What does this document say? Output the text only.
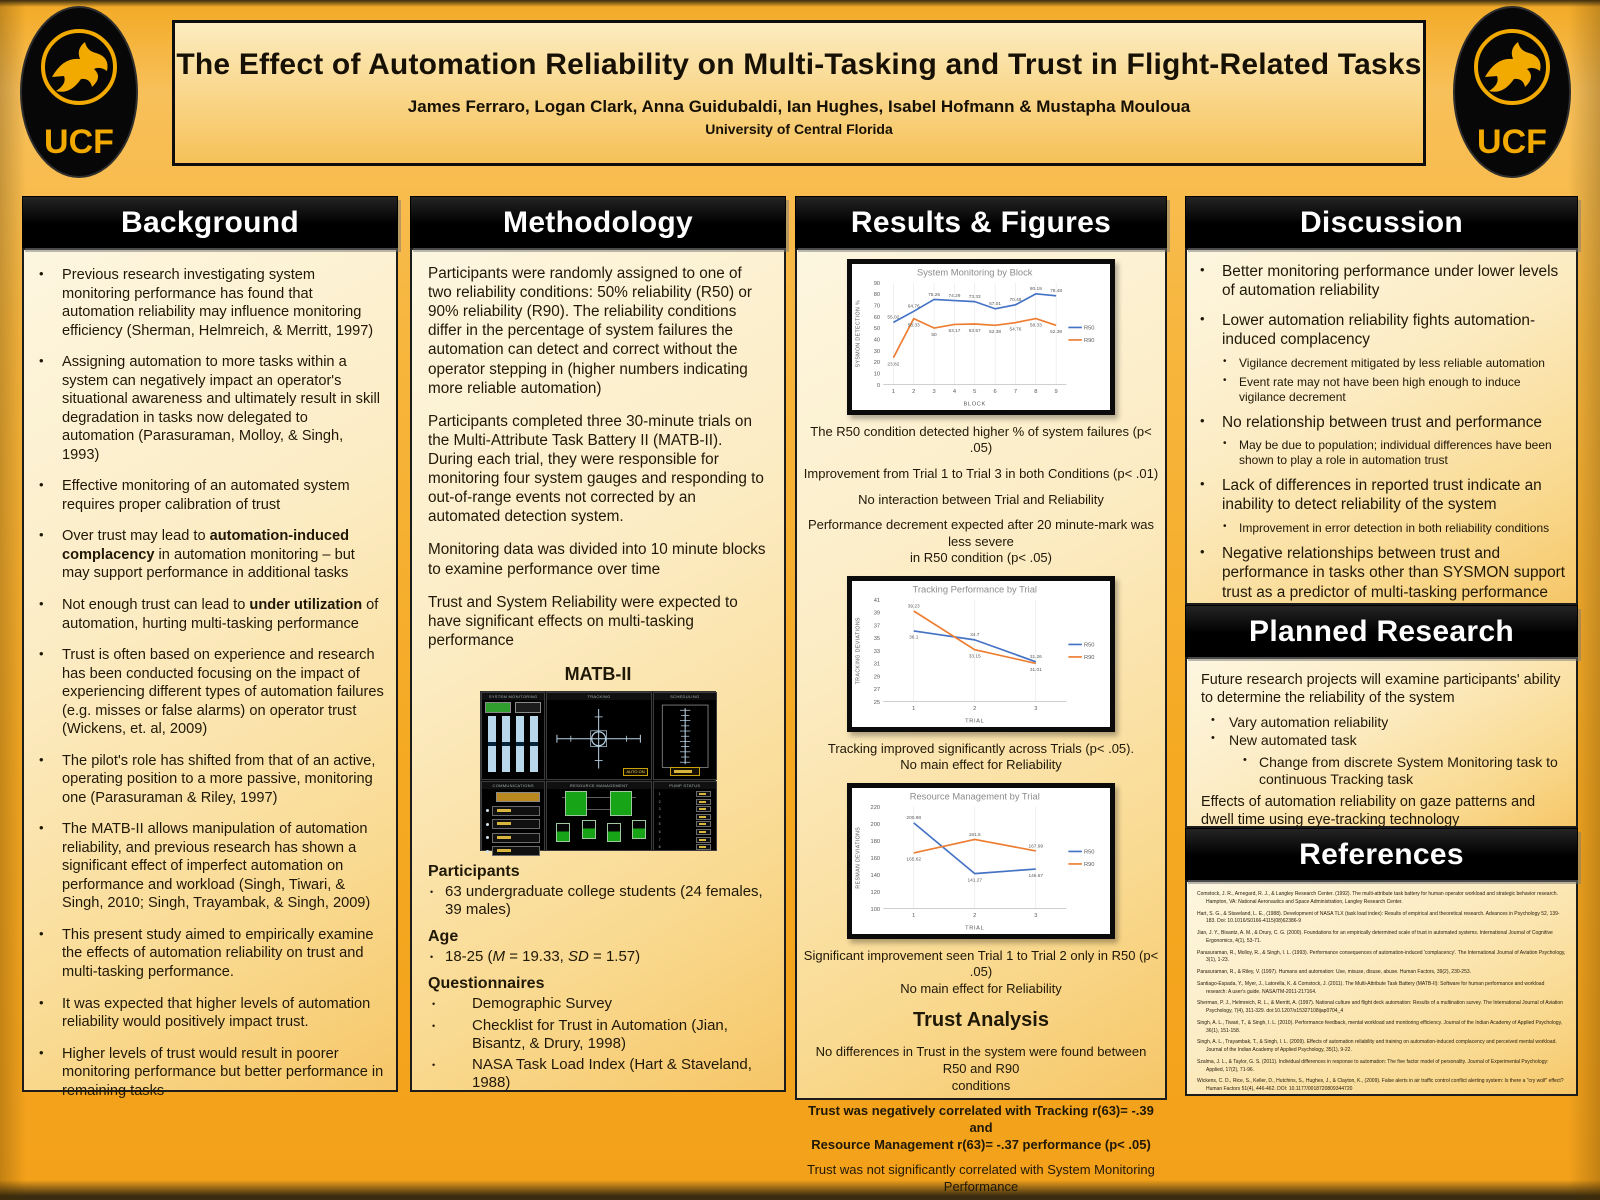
UCF	UCF
The Effect of Automation Reliability on Multi-Tasking and Trust in Flight-Related Tasks
James Ferraro, Logan Clark, Anna Guidubaldi, Ian Hughes, Isabel Hofmann & Mustapha Mouloua
University of Central Florida
Background
•	Previous research investigating system monitoring performance has found that automation reliability may influence monitoring efficiency (Sherman, Helmreich, & Merritt, 1997)
•	Assigning automation to more tasks within a system can negatively impact an operator's situational awareness and ultimately result in skill degradation in tasks now delegated to automation (Parasuraman, Molloy, & Singh, 1993)
•	Effective monitoring of an automated system requires proper calibration of trust
•	Over trust may lead to automation-induced complacency in automation monitoring – but may support performance in additional tasks
•	Not enough trust can lead to under utilization of automation, hurting multi-tasking performance
•	Trust is often based on experience and research has been conducted focusing on the impact of experiencing different types of automation failures (e.g. misses or false alarms) on operator trust (Wickens, et. al, 2009)
•	The pilot's role has shifted from that of an active, operating position to a more passive, monitoring one (Parasuraman & Riley, 1997)
•	The MATB-II allows manipulation of automation reliability, and previous research has shown a significant effect of imperfect automation on performance and workload (Singh, Tiwari, & Singh, 2010; Singh, Trayambak, & Singh, 2009)
•	This present study aimed to empirically examine the effects of automation reliability on trust and multi-tasking performance.
•	It was expected that higher levels of automation reliability would positively impact trust.
•	Higher levels of trust would result in poorer monitoring performance but better performance in remaining tasks
Methodology

Participants were randomly assigned to one of two reliability conditions: 50% reliability (R50) or 90% reliability (R90). The reliability conditions differ in the percentage of system failures the automation can detect and correct without the operator stepping in (higher numbers indicating more reliable automation)

Participants completed three 30-minute trials on the Multi-Attribute Task Battery II (MATB-II). During each trial, they were responsible for monitoring four system gauges and responding to out-of-range events not corrected by an automated detection system.

Monitoring data was divided into 10 minute blocks to examine performance over time

Trust and System Reliability were expected to have significant effects on multi-tasking performance

MATB-II
SYSTEM MONITORING	TRACKING
AUTO ON
SCHEDULING
COMMUNICATIONS	RESOURCE MANAGEMENT	PUMP STATUS
1
2
3
4
5
6
7
8
Participants
• 63 undergraduate college students (24 females, 39 males)
Age
• 18-25 (M = 19.33, SD = 1.57)
Questionnaires
•	Demographic Survey
•	Checklist for Trust in Automation (Jian, Bisantz, & Drury, 1998)
•	NASA Task Load Index (Hart & Staveland, 1988)
Results & Figures
System Monitoring by Block
0
10
20
30
40
50
60
70
80
90
1	2	3	4	5	6	7	8	9
BLOCK
SYSMON DETECTION %	55.02
64.76
75.26 74.29 73.33
67.01
70.48
80.19 78.48
R50
23.82
58.33
50
53.17 53.57 52.38
54.76
58.33
52.38
R90
The R50 condition detected higher % of system failures (p< .05)
Improvement from Trial 1 to Trial 3 in both Conditions (p< .01)
No interaction between Trial and Reliability
Performance decrement expected after 20 minute-mark was less severe
in R50 condition (p< .05)
Tracking Performance by Trial
25
27
29
31
33
35
37
39
41
1	2	3
TRIAL
TRACKING DEVIATIONS	36.1
34.7
31.26
R50
39.23
33.15
31.01
R90
Tracking improved significantly across Trials (p< .05).
No main effect for Reliability
Resource Management by Trial
100
120
140
160
180
200
220
1	2	3
TRIAL
RESMAN DEVIATIONS
200.98
141.27
146.67
R50
165.62
181.5
167.99
R90
Significant improvement seen Trial 1 to Trial 2 only in R50 (p< .05)
No main effect for Reliability
Trust Analysis
No differences in Trust in the system were found between R50 and R90
conditions
Trust was negatively correlated with Tracking r(63)= -.39 and
Resource Management r(63)= -.37 performance (p< .05)
Trust was not significantly correlated with System Monitoring Performance
Discussion
•	Better monitoring performance under lower levels of automation reliability
•	Lower automation reliability fights automation-induced complacency
•	Vigilance decrement mitigated by less reliable automation
•	Event rate may not have been high enough to induce vigilance decrement
•	No relationship between trust and performance
•	May be due to population; individual differences have been shown to play a role in automation trust
•	Lack of differences in reported trust indicate an inability to detect reliability of the system
•	Improvement in error detection in both reliability conditions
•	Negative relationships between trust and performance in tasks other than SYSMON support trust as a predictor of multi-tasking performance
Planned Research
Future research projects will examine participants' ability to determine the reliability of the system
•	Vary automation reliability
•	New automated task
• Change from discrete System Monitoring task to continuous Tracking task
Effects of automation reliability on gaze patterns and dwell time using eye-tracking technology
References

Comstock, J. R., Arnegard, R. J., & Langley Research Center. (1992). The multi-attribute task battery for human operator workload and strategic behavior research. Hampton, VA: National Aeronautics and Space Administration, Langley Research Center.

Hart, S. G., & Staveland, L. E., (1988). Development of NASA TLX (task load index): Results of empirical and theoretical research. Advances in Psychology 52, 139-183. Doi: 10.1016/S0166-4115(08)62386-9

Jian, J. Y., Bisantz, A. M., & Drury, C. G. (2000). Foundations for an empirically determined scale of trust in automated systems. International Journal of Cognitive Ergonomics, 4(1), 53-71.

Parasuraman, R., Molloy, R., & Singh, I. L. (1993). Performance consequences of automation-induced 'complacency'. The International Journal of Aviation Psychology, 3(1), 1-23.

Parasuraman, R., & Riley, V. (1997). Humans and automation: Use, misuse, disuse, abuse. Human Factors, 39(2), 230-253.

Santiago-Espada, Y., Myer, J., Latorella, K. & Comstock, J. (2011). The Multi-Attribute Task Battery (MATB-II): Software for human performance and workload research: A user's guide. NASA/TM-2011-217164.

Sherman, P. J., Helmreich, R. L., & Merritt, A. (1997). National culture and flight deck automation: Results of a multination survey. The International Journal of Aviation Psychology, 7(4), 311-329. doi:10.1207/s15327108ijap0704_4

Singh, A. L., Tiwari, T., & Singh, I. L. (2010). Performance feedback, mental workload and monitoring efficiency. Journal of the Indian Academy of Applied Psychology, 36(1), 151-158.

Singh, A. L., Trayambak, T., & Singh, I. L. (2009). Effects of automation reliability and training on automation-induced complacency and perceived mental workload. Journal of the Indian Academy of Applied Psychology, 35(1), 9-22.

Szalma, J. L., & Taylor, G. S. (2011). Individual differences in response to automation: The five factor model of personality. Journal of Experimental Psychology: Applied, 17(2), 71-96.

Wickens, C. D., Rice, S., Keller, D., Hutchins, S., Hughes, J., & Clayton, K., (2009). False alerts in air traffic control conflict alerting system: Is there a "cry wolf" effect? Human Factors 51(4), 446-462. DOI: 10.1177/0018720809344720
